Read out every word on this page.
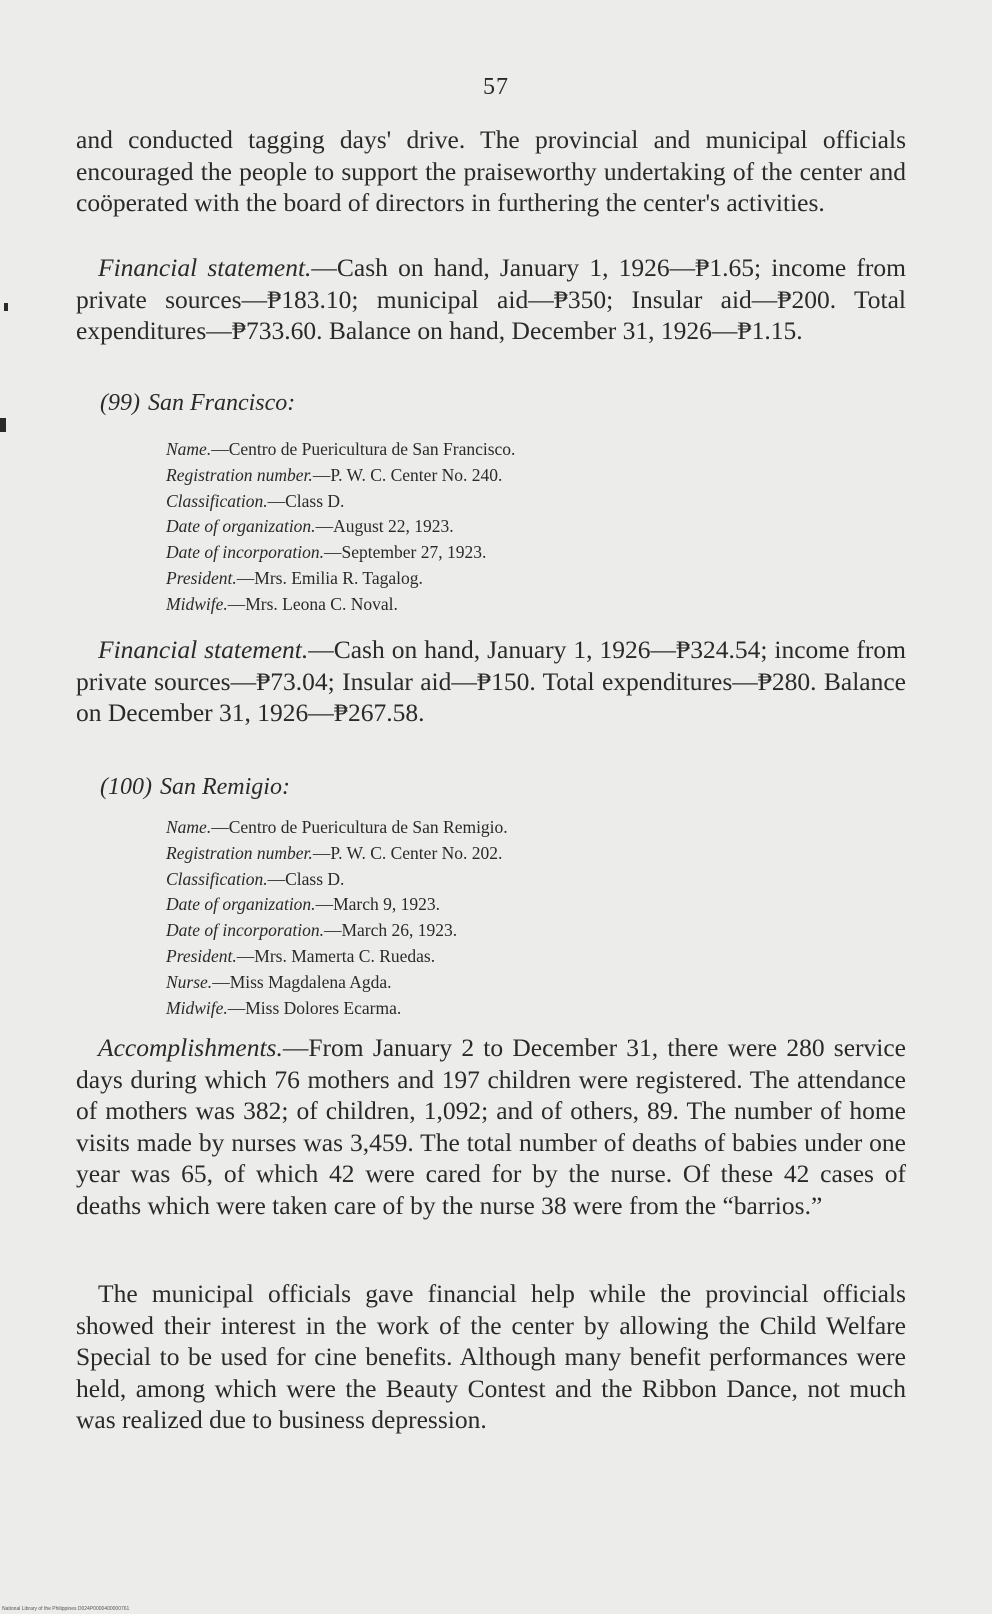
57

and conducted tagging days' drive. The provincial and municipal officials encouraged the people to support the praiseworthy undertaking of the center and coöperated with the board of directors in furthering the center's activities.

Financial statement.—Cash on hand, January 1, 1926—₱1.65; income from private sources—₱183.10; municipal aid—₱350; Insular aid—₱200. Total expenditures—₱733.60. Balance on hand, December 31, 1926—₱1.15.

(99) San Francisco:

Name.—Centro de Puericultura de San Francisco.

Registration number.—P. W. C. Center No. 240.

Classification.—Class D.

Date of organization.—August 22, 1923.

Date of incorporation.—September 27, 1923.

President.—Mrs. Emilia R. Tagalog.

Midwife.—Mrs. Leona C. Noval.

Financial statement.—Cash on hand, January 1, 1926—₱324.54; income from private sources—₱73.04; Insular aid—₱150. Total expenditures—₱280. Balance on December 31, 1926—₱267.58.

(100) San Remigio:

Name.—Centro de Puericultura de San Remigio.

Registration number.—P. W. C. Center No. 202.

Classification.—Class D.

Date of organization.—March 9, 1923.

Date of incorporation.—March 26, 1923.

President.—Mrs. Mamerta C. Ruedas.

Nurse.—Miss Magdalena Agda.

Midwife.—Miss Dolores Ecarma.

Accomplishments.—From January 2 to December 31, there were 280 service days during which 76 mothers and 197 children were registered. The attendance of mothers was 382; of children, 1,092; and of others, 89. The number of home visits made by nurses was 3,459. The total number of deaths of babies under one year was 65, of which 42 were cared for by the nurse. Of these 42 cases of deaths which were taken care of by the nurse 38 were from the “barrios.”

The municipal officials gave financial help while the provincial officials showed their interest in the work of the center by allowing the Child Welfare Special to be used for cine benefits. Although many benefit performances were held, among which were the Beauty Contest and the Ribbon Dance, not much was realized due to business depression.

National Library of the Philippines D024P0000400000761
